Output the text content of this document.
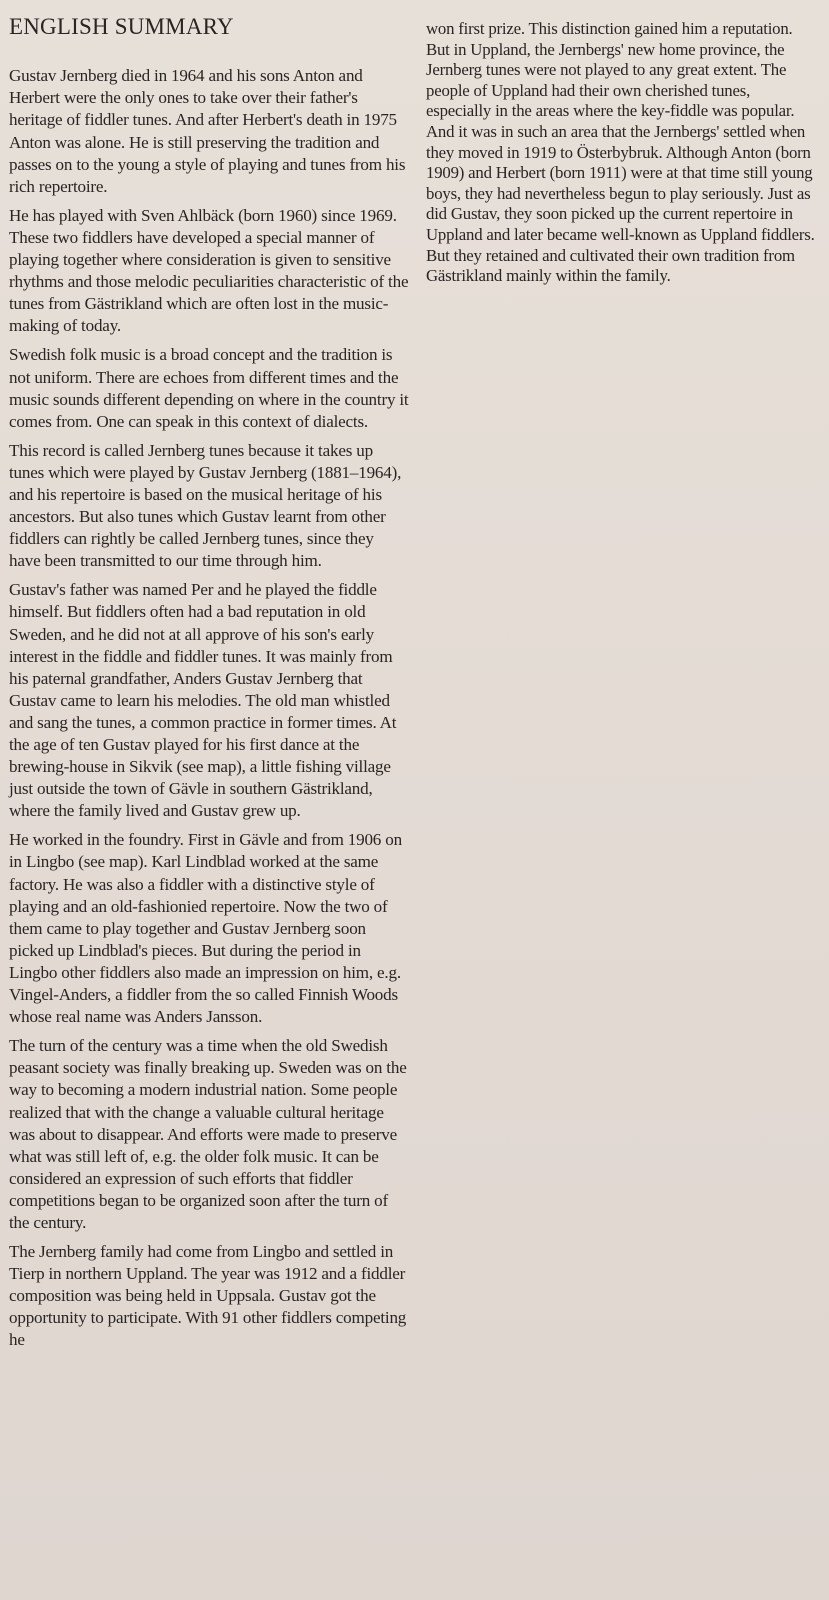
ENGLISH SUMMARY

Gustav Jernberg died in 1964 and his sons Anton and Herbert were the only ones to take over their father's heritage of fiddler tunes. And after Herbert's death in 1975 Anton was alone. He is still preserving the tradition and passes on to the young a style of playing and tunes from his rich repertoire.

He has played with Sven Ahlbäck (born 1960) since 1969. These two fiddlers have developed a special manner of playing together where consideration is given to sensitive rhythms and those melodic peculiarities characteristic of the tunes from Gästrikland which are often lost in the music-making of today.

Swedish folk music is a broad concept and the tradition is not uniform. There are echoes from different times and the music sounds different depending on where in the country it comes from. One can speak in this context of dialects.

This record is called Jernberg tunes because it takes up tunes which were played by Gustav Jernberg (1881–1964), and his repertoire is based on the musical heritage of his ancestors. But also tunes which Gustav learnt from other fiddlers can rightly be called Jernberg tunes, since they have been transmitted to our time through him.

Gustav's father was named Per and he played the fiddle himself. But fiddlers often had a bad reputation in old Sweden, and he did not at all approve of his son's early interest in the fiddle and fiddler tunes. It was mainly from his paternal grandfather, Anders Gustav Jernberg that Gustav came to learn his melodies. The old man whistled and sang the tunes, a common practice in former times. At the age of ten Gustav played for his first dance at the brewing-house in Sikvik (see map), a little fishing village just outside the town of Gävle in southern Gästrikland, where the family lived and Gustav grew up.

He worked in the foundry. First in Gävle and from 1906 on in Lingbo (see map). Karl Lindblad worked at the same factory. He was also a fiddler with a distinctive style of playing and an old-fashionied repertoire. Now the two of them came to play together and Gustav Jernberg soon picked up Lindblad's pieces. But during the period in Lingbo other fiddlers also made an impression on him, e.g. Vingel-Anders, a fiddler from the so called Finnish Woods whose real name was Anders Jansson.

The turn of the century was a time when the old Swedish peasant society was finally breaking up. Sweden was on the way to becoming a modern industrial nation. Some people realized that with the change a valuable cultural heritage was about to disappear. And efforts were made to preserve what was still left of, e.g. the older folk music. It can be considered an expression of such efforts that fiddler competitions began to be organized soon after the turn of the century.

The Jernberg family had come from Lingbo and settled in Tierp in northern Uppland. The year was 1912 and a fiddler composition was being held in Uppsala. Gustav got the opportunity to participate. With 91 other fiddlers competing he

won first prize. This distinction gained him a reputation. But in Uppland, the Jernbergs' new home province, the Jernberg tunes were not played to any great extent. The people of Uppland had their own cherished tunes, especially in the areas where the key-fiddle was popular. And it was in such an area that the Jernbergs' settled when they moved in 1919 to Österbybruk. Although Anton (born 1909) and Herbert (born 1911) were at that time still young boys, they had nevertheless begun to play seriously. Just as did Gustav, they soon picked up the current repertoire in Uppland and later became well-known as Uppland fiddlers. But they retained and cultivated their own tradition from Gästrikland mainly within the family.
